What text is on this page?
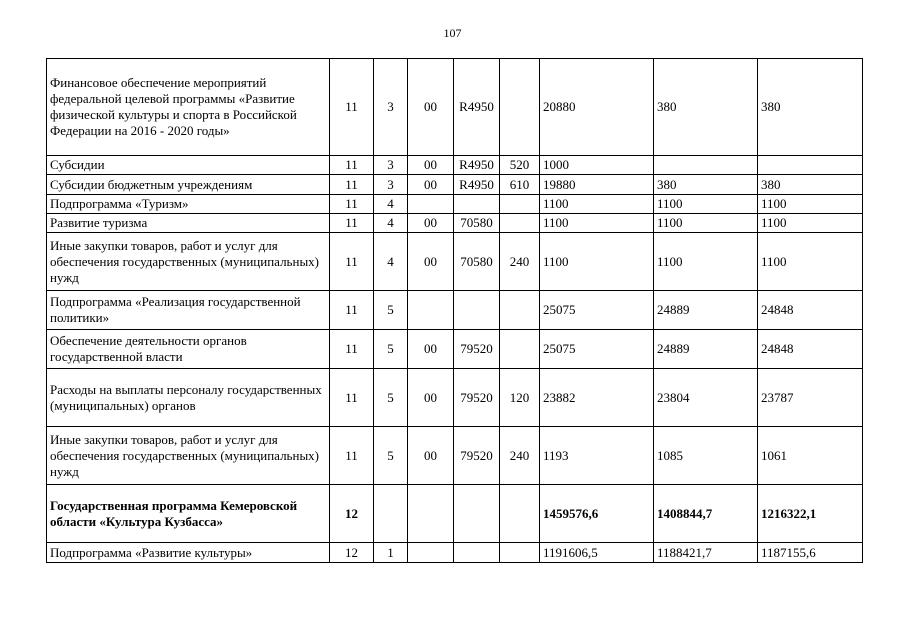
107
Финансовое обеспечение мероприятий федеральной целевой программы «Развитие физической культуры и спорта в Российской Федерации на 2016 - 2020 годы»	11	3	00	R4950		20880	380	380
Субсидии	11	3	00	R4950	520	1000		
Субсидии бюджетным учреждениям	11	3	00	R4950	610	19880	380	380
Подпрограмма «Туризм»	11	4				1100	1100	1100
Развитие туризма	11	4	00	70580		1100	1100	1100
Иные закупки товаров, работ и услуг для обеспечения государственных (муниципальных) нужд	11	4	00	70580	240	1100	1100	1100
Подпрограмма «Реализация государственной политики»	11	5				25075	24889	24848
Обеспечение деятельности органов государственной власти	11	5	00	79520		25075	24889	24848
Расходы на выплаты персоналу государственных (муниципальных) органов	11	5	00	79520	120	23882	23804	23787
Иные закупки товаров, работ и услуг для обеспечения государственных (муниципальных) нужд	11	5	00	79520	240	1193	1085	1061
Государственная программа Кемеровской области «Культура Кузбасса»	12					1459576,6	1408844,7	1216322,1
Подпрограмма «Развитие культуры»	12	1				1191606,5	1188421,7	1187155,6
